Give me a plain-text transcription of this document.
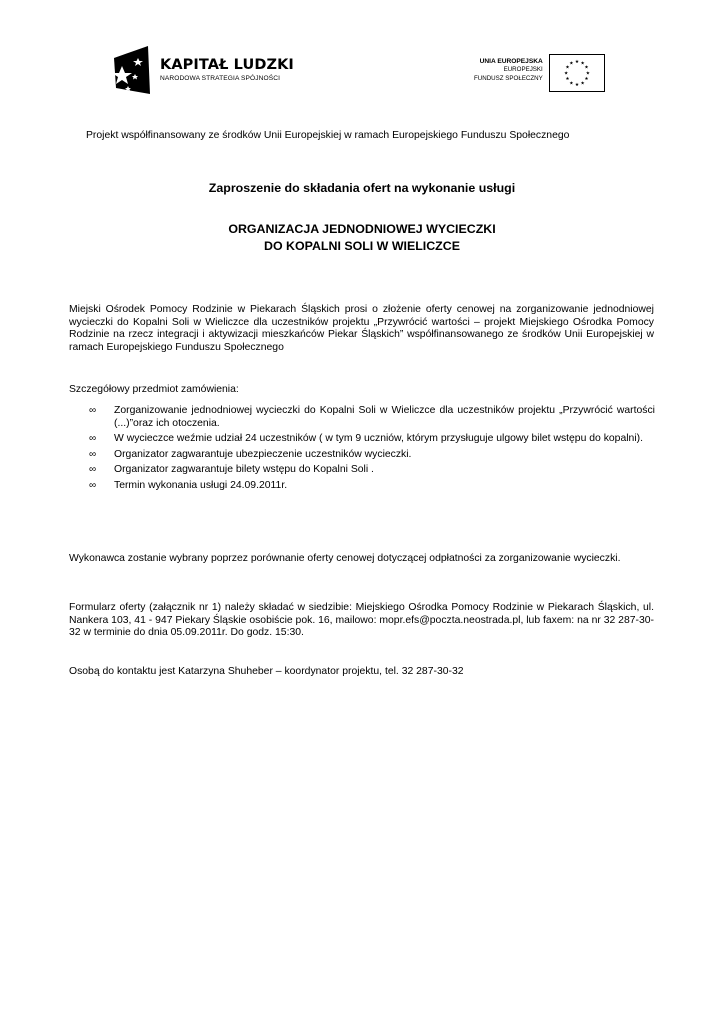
KAPITAŁ LUDZKI
NARODOWA STRATEGIA SPÓJNOŚCI
UNIA EUROPEJSKA
EUROPEJSKI
FUNDUSZ SPOŁECZNY
★ ★
★
★
★
★
★
★
★
★
★
★
Projekt współfinansowany ze środków Unii Europejskiej w ramach Europejskiego Funduszu Społecznego
Zaproszenie do składania ofert na wykonanie usługi
ORGANIZACJA JEDNODNIOWEJ WYCIECZKI
DO KOPALNI SOLI W WIELICZCE
Miejski Ośrodek Pomocy Rodzinie w Piekarach Śląskich prosi o złożenie oferty cenowej na zorganizowanie jednodniowej wycieczki do Kopalni Soli w Wieliczce dla uczestników projektu „Przywrócić wartości – projekt Miejskiego Ośrodka Pomocy Rodzinie na rzecz integracji i aktywizacji mieszkańców Piekar Śląskich” współfinansowanego ze środków Unii Europejskiej w ramach Europejskiego Funduszu Społecznego
Szczegółowy przedmiot zamówienia:
∞ Zorganizowanie jednodniowej wycieczki do Kopalni Soli w Wieliczce dla uczestników projektu „Przywrócić wartości (...)”oraz ich otoczenia.
∞ W wycieczce weźmie udział 24 uczestników ( w tym 9 uczniów, którym przysługuje ulgowy bilet wstępu do kopalni).
∞ Organizator zagwarantuje ubezpieczenie uczestników wycieczki.
∞ Organizator zagwarantuje bilety wstępu do Kopalni Soli .
∞ Termin wykonania usługi 24.09.2011r.
Wykonawca zostanie wybrany poprzez porównanie oferty cenowej dotyczącej odpłatności za zorganizowanie wycieczki.
Formularz oferty (załącznik nr 1) należy składać w siedzibie: Miejskiego Ośrodka Pomocy Rodzinie w Piekarach Śląskich, ul. Nankera 103, 41 - 947 Piekary Śląskie osobiście pok. 16, mailowo: mopr.efs@poczta.neostrada.pl, lub faxem: na nr 32 287-30-32 w terminie do dnia 05.09.2011r. Do godz. 15:30.
Osobą do kontaktu jest Katarzyna Shuheber – koordynator projektu, tel. 32 287-30-32
